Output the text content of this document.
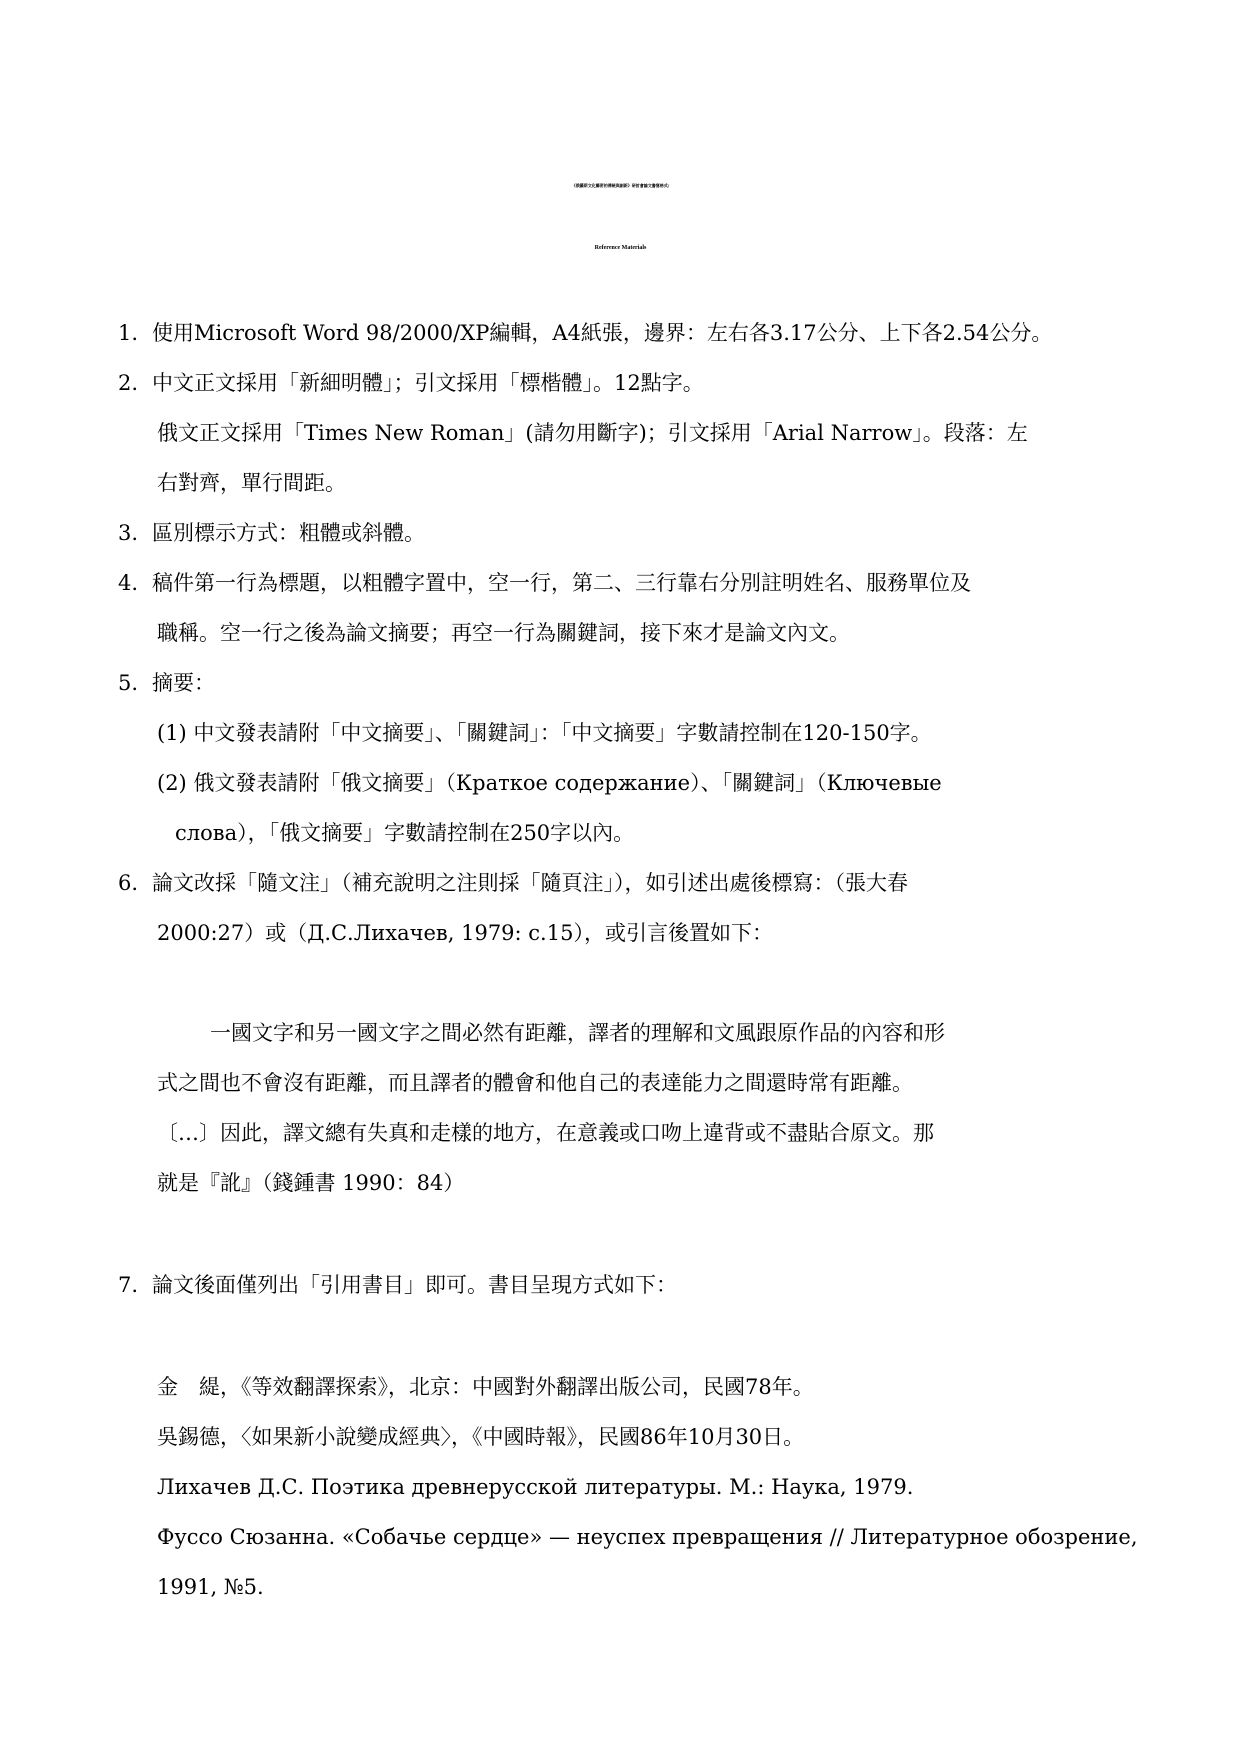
《俄羅斯文化藝術的傳統與創新》研討會論文書寫格式/
Reference Materials
1. 使用Microsoft Word 98/2000/XP編輯，A4紙張，邊界：左右各3.17公分、上下各2.54公分。
2. 中文正文採用「新細明體」；引文採用「標楷體」。12點字。
俄文正文採用「Times New Roman」(請勿用斷字)；引文採用「Arial Narrow」。段落：左
右對齊，單行間距。
3. 區別標示方式：粗體或斜體。
4. 稿件第一行為標題，以粗體字置中，空一行，第二、三行靠右分別註明姓名、服務單位及
職稱。空一行之後為論文摘要；再空一行為關鍵詞，接下來才是論文內文。
5. 摘要：
(1) 中文發表請附「中文摘要」、「關鍵詞」：「中文摘要」字數請控制在120-150字。
(2) 俄文發表請附「俄文摘要」（Краткое содержание）、「關鍵詞」（Ключевые
слова），「俄文摘要」字數請控制在250字以內。
6. 論文改採「隨文注」（補充說明之注則採「隨頁注」），如引述出處後標寫：（張大春
2000:27）或（Д.С.Лихачев, 1979: с.15），或引言後置如下：
一國文字和另一國文字之間必然有距離，譯者的理解和文風跟原作品的內容和形
式之間也不會沒有距離，而且譯者的體會和他自己的表達能力之間還時常有距離。
〔…〕因此，譯文總有失真和走樣的地方，在意義或口吻上違背或不盡貼合原文。那
就是『訛』（錢鍾書 1990：84）
7. 論文後面僅列出「引用書目」即可。書目呈現方式如下：
金　緹，《等效翻譯探索》，北京：中國對外翻譯出版公司，民國78年。
吳錫德，〈如果新小說變成經典〉，《中國時報》，民國86年10月30日。
Лихачев Д.С. Поэтика древнерусской литературы. М.: Наука, 1979.
Фуссо Сюзанна. «Собачье сердце» — неуспех превращения // Литературное обозрение,
1991, №5.
